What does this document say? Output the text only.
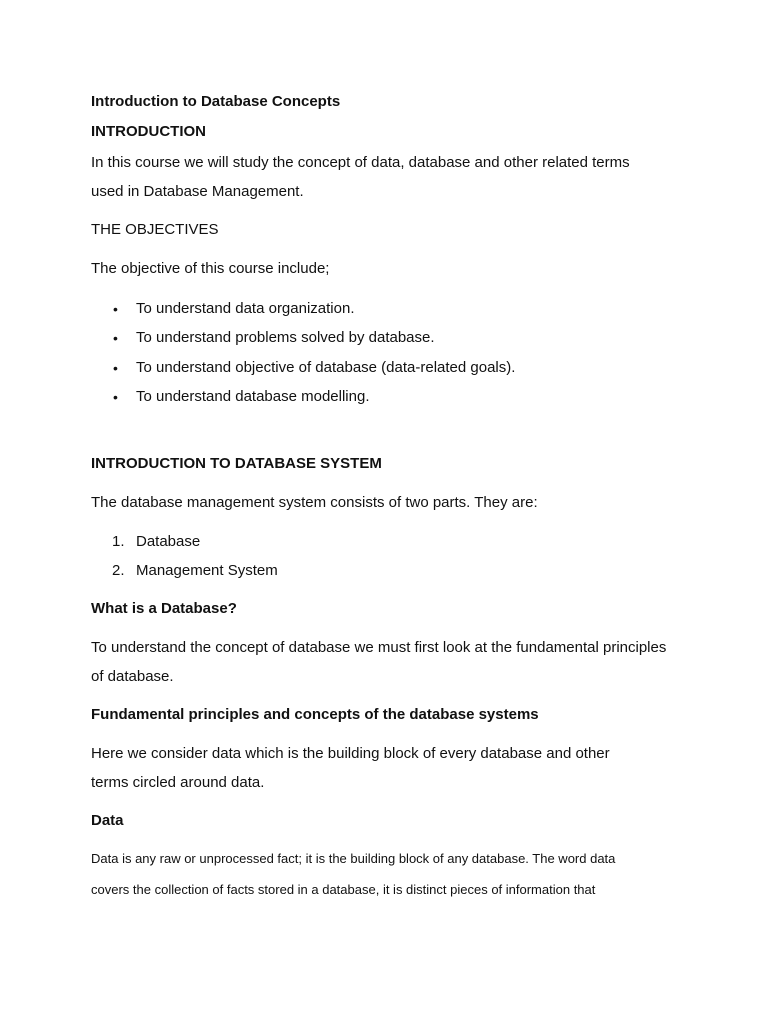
Introduction to Database Concepts

INTRODUCTION

In this course we will study the concept of data, database and other related terms

used in Database Management.

THE OBJECTIVES

The objective of this course include;

• To understand data organization.

• To understand problems solved by database.

• To understand objective of database (data-related goals).

• To understand database modelling.

INTRODUCTION TO DATABASE SYSTEM

The database management system consists of two parts. They are:

1. Database

2. Management System

What is a Database?

To understand the concept of database we must first look at the fundamental principles

of database.

Fundamental principles and concepts of the database systems

Here we consider data which is the building block of every database and other

terms circled around data.

Data

Data is any raw or unprocessed fact; it is the building block of any database. The word data

covers the collection of facts stored in a database, it is distinct pieces of information that
